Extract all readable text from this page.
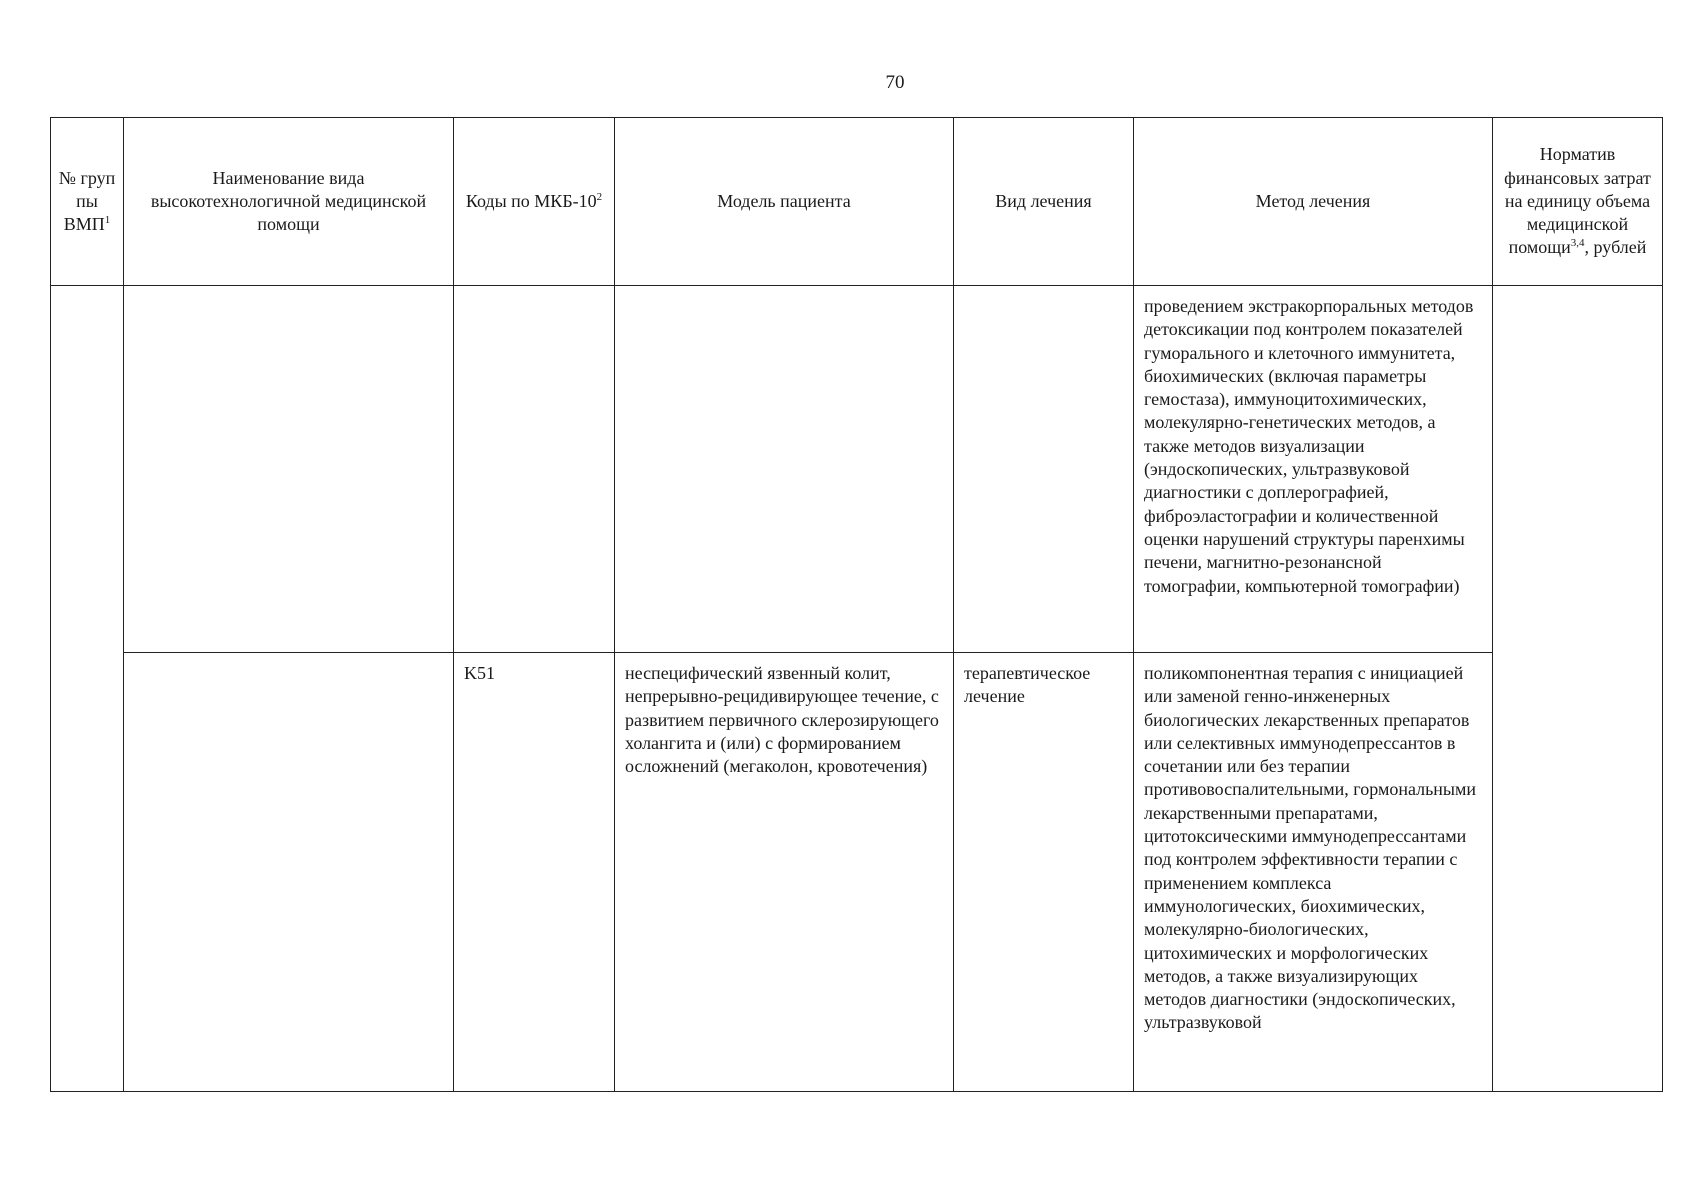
70
№ груп пы ВМП$^1$	Наименование вида высокотехнологичной медицинской помощи	Коды по МКБ-$10^2$	Модель пациента	Вид лечения	Метод лечения	Норматив финансовых затрат на единицу объема медицинской помощи$^{3,4}$, рублей

					проведением экстракорпоральных методов детоксикации под контролем показателей гуморального и клеточного иммунитета, биохимических (включая параметры гемостаза), иммуноцитохимических, молекулярно-генетических методов, а также методов визуализации (эндоскопических, ультразвуковой диагностики с доплерографией, фиброэластографии и количественной оценки нарушений структуры паренхимы печени, магнитно-резонансной томографии, компьютерной томографии)	

		K51	неспецифический язвенный колит, непрерывно-рецидивирующее течение, с развитием первичного склерозирующего холангита и (или) с формированием осложнений (мегаколон, кровотечения)	терапевтическое лечение	поликомпонентная терапия с инициацией или заменой генно-инженерных биологических лекарственных препаратов или селективных иммунодепрессантов в сочетании или без терапии противовоспалительными, гормональными лекарственными препаратами, цитотоксическими иммунодепрессантами под контролем эффективности терапии с применением комплекса иммунологических, биохимических, молекулярно-биологических, цитохимических и морфологических методов, а также визуализирующих методов диагностики (эндоскопических, ультразвуковой	
